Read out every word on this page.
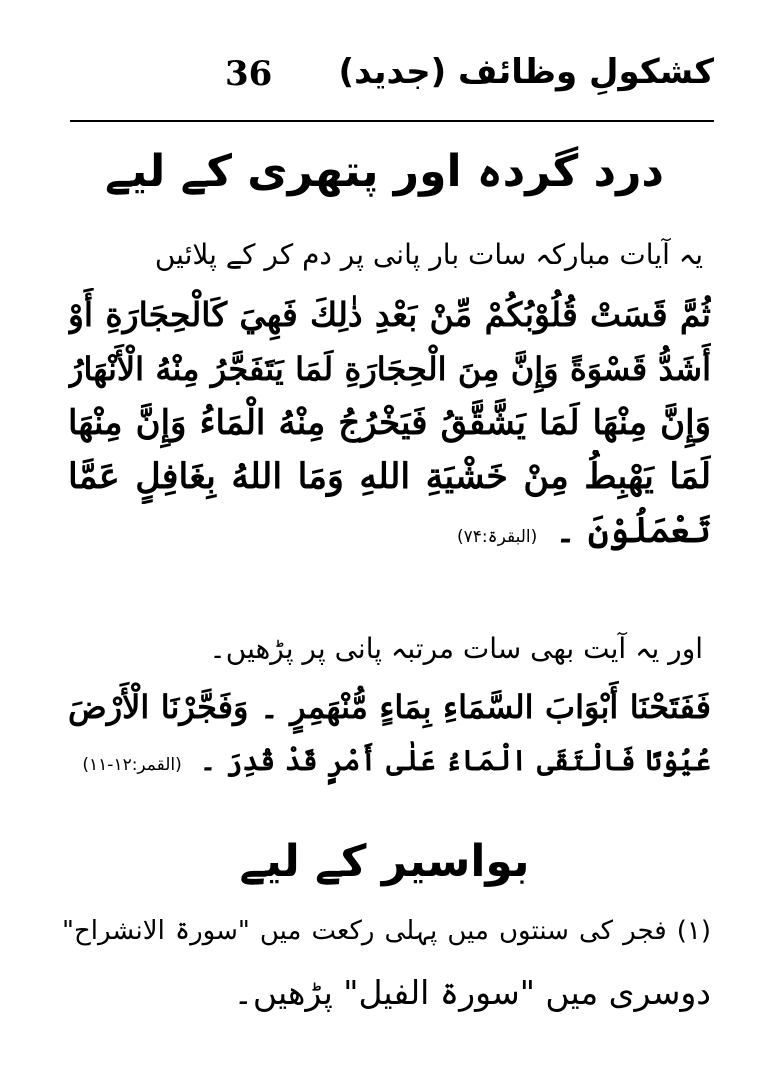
36 کشکولِ وظائف (جدید)
درد گردہ اور پتھری کے لیے
یہ آیات مبارکہ سات بار پانی پر دم کر کے پلائیں
ثُمَّ قَسَتْ قُلُوْبُكُمْ مِّنْ بَعْدِ ذٰلِكَ فَهِيَ كَالْحِجَارَةِ أَوْ
أَشَدُّ قَسْوَةً وَإِنَّ مِنَ الْحِجَارَةِ لَمَا يَتَفَجَّرُ مِنْهُ الْأَنْهَارُ
وَإِنَّ مِنْهَا لَمَا يَشَّقَّقُ فَيَخْرُجُ مِنْهُ الْمَاءُ وَإِنَّ مِنْهَا
لَمَا يَهْبِطُ مِنْ خَشْيَةِ اللهِ وَمَا اللهُ بِغَافِلٍ عَمَّا
تَعْمَلُوْنَ ۔(البقرۃ:۷۴)
اور یہ آیت بھی سات مرتبہ پانی پر پڑھیں۔
فَفَتَحْنَا أَبْوَابَ السَّمَاءِ بِمَاءٍ مُّنْهَمِرٍ ۔ وَفَجَّرْنَا الْأَرْضَ
عُيُوْنًا فَالْتَقَى الْمَاءُ عَلٰى أَمْرٍ قَدْ قُدِرَ ۔(القمر:۱۲-۱۱)
بواسیر کے لیے
(۱) فجر کی سنتوں میں پہلی رکعت میں "سورۃ الانشراح"
دوسری میں "سورۃ الفیل" پڑھیں۔
